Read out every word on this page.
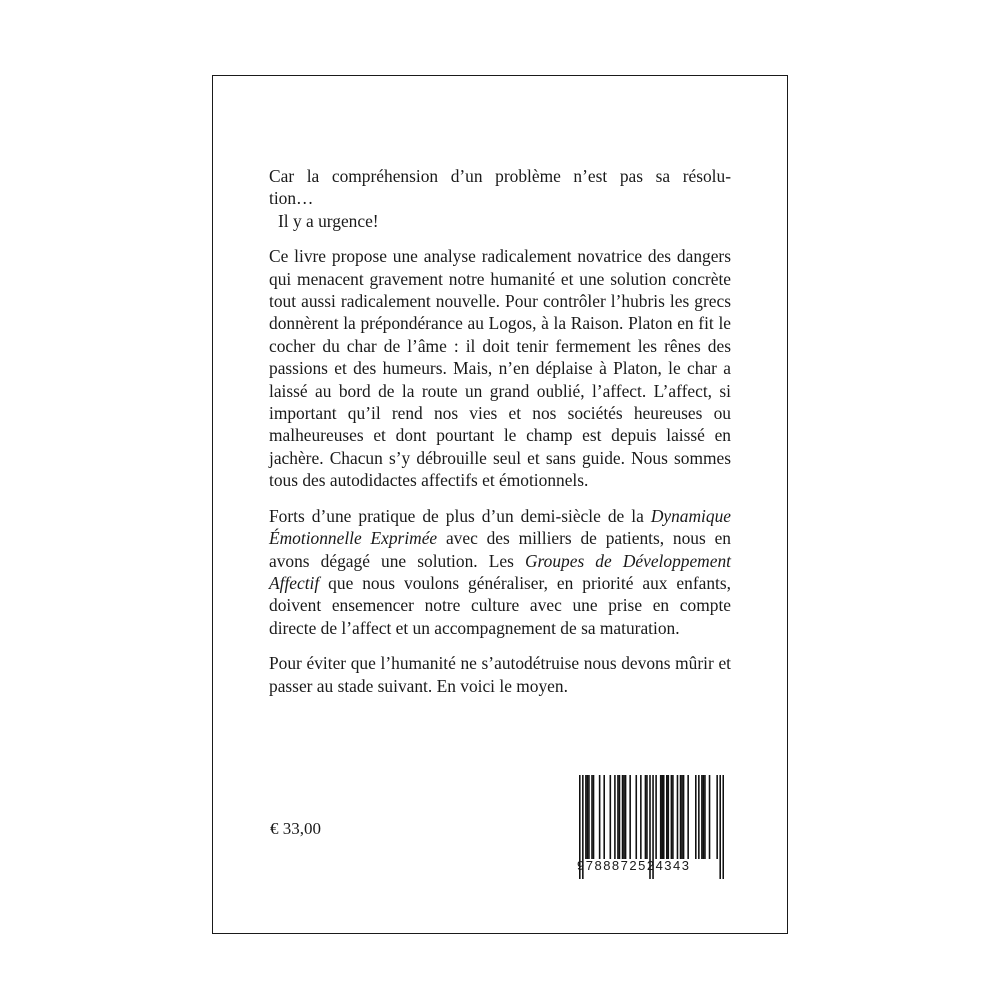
Car la compréhension d’un problème n’est pas sa résolu-

tion…

Il y a urgence!

Ce livre propose une analyse radicalement novatrice des dangers qui menacent gravement notre humanité et une solution concrète tout aussi radicalement nouvelle. Pour contrôler l’hubris les grecs donnèrent la prépondérance au Logos, à la Raison. Platon en fit le cocher du char de l’âme : il doit tenir fermement les rênes des passions et des humeurs. Mais, n’en déplaise à Platon, le char a laissé au bord de la route un grand oublié, l’affect. L’affect, si important qu’il rend nos vies et nos sociétés heureuses ou malheureuses et dont pourtant le champ est depuis laissé en jachère. Chacun s’y débrouille seul et sans guide. Nous sommes tous des autodidactes affectifs et émotionnels.

Forts d’une pratique de plus d’un demi-siècle de la Dynamique Émotionnelle Exprimée avec des milliers de patients, nous en avons dégagé une solution. Les Groupes de Développement Affectif que nous voulons généraliser, en priorité aux enfants, doivent ensemencer notre culture avec une prise en compte directe de l’affect et un accompagnement de sa maturation.

Pour éviter que l’humanité ne s’autodétruise nous devons mûrir et passer au stade suivant. En voici le moyen.

€ 33,00
9788872524343
